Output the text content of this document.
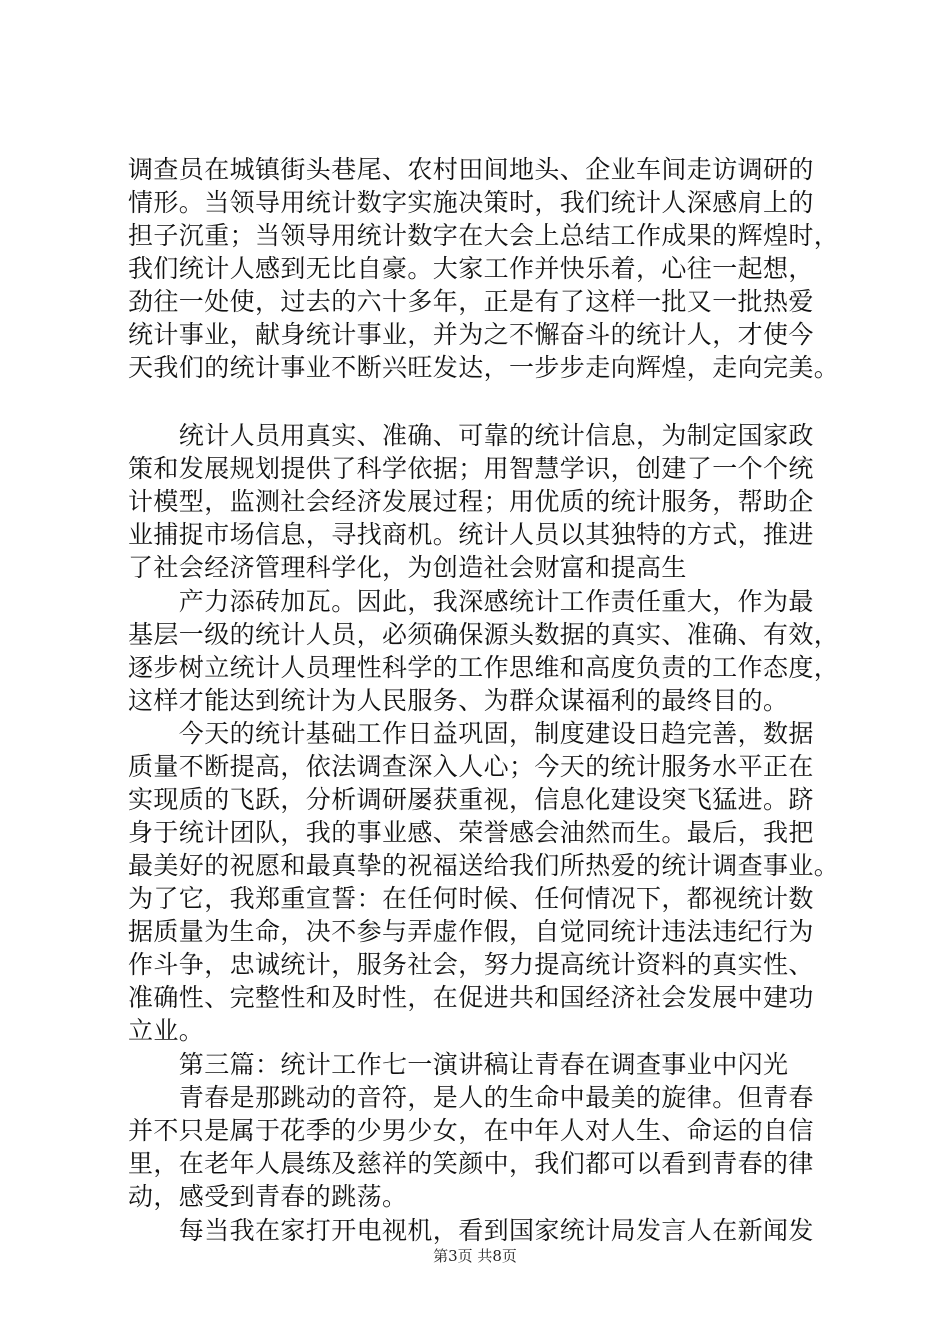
调查员在城镇街头巷尾、农村田间地头、企业车间走访调研的
情形。当领导用统计数字实施决策时，我们统计人深感肩上的
担子沉重；当领导用统计数字在大会上总结工作成果的辉煌时，
我们统计人感到无比自豪。大家工作并快乐着，心往一起想，
劲往一处使，过去的六十多年，正是有了这样一批又一批热爱
统计事业，献身统计事业，并为之不懈奋斗的统计人，才使今
天我们的统计事业不断兴旺发达，一步步走向辉煌，走向完美。
　　统计人员用真实、准确、可靠的统计信息，为制定国家政
策和发展规划提供了科学依据；用智慧学识，创建了一个个统
计模型，监测社会经济发展过程；用优质的统计服务，帮助企
业捕捉市场信息，寻找商机。统计人员以其独特的方式，推进
了社会经济管理科学化，为创造社会财富和提高生
　　产力添砖加瓦。因此，我深感统计工作责任重大，作为最
基层一级的统计人员，必须确保源头数据的真实、准确、有效，
逐步树立统计人员理性科学的工作思维和高度负责的工作态度，
这样才能达到统计为人民服务、为群众谋福利的最终目的。
　　今天的统计基础工作日益巩固，制度建设日趋完善，数据
质量不断提高，依法调查深入人心；今天的统计服务水平正在
实现质的飞跃，分析调研屡获重视，信息化建设突飞猛进。跻
身于统计团队，我的事业感、荣誉感会油然而生。最后，我把
最美好的祝愿和最真挚的祝福送给我们所热爱的统计调查事业。
为了它，我郑重宣誓：在任何时候、任何情况下，都视统计数
据质量为生命，决不参与弄虚作假，自觉同统计违法违纪行为
作斗争，忠诚统计，服务社会，努力提高统计资料的真实性、
准确性、完整性和及时性，在促进共和国经济社会发展中建功
立业。
　　第三篇：统计工作七一演讲稿让青春在调查事业中闪光
　　青春是那跳动的音符，是人的生命中最美的旋律。但青春
并不只是属于花季的少男少女，在中年人对人生、命运的自信
里，在老年人晨练及慈祥的笑颜中，我们都可以看到青春的律
动，感受到青春的跳荡。
　　每当我在家打开电视机，看到国家统计局发言人在新闻发
第3页 共8页
